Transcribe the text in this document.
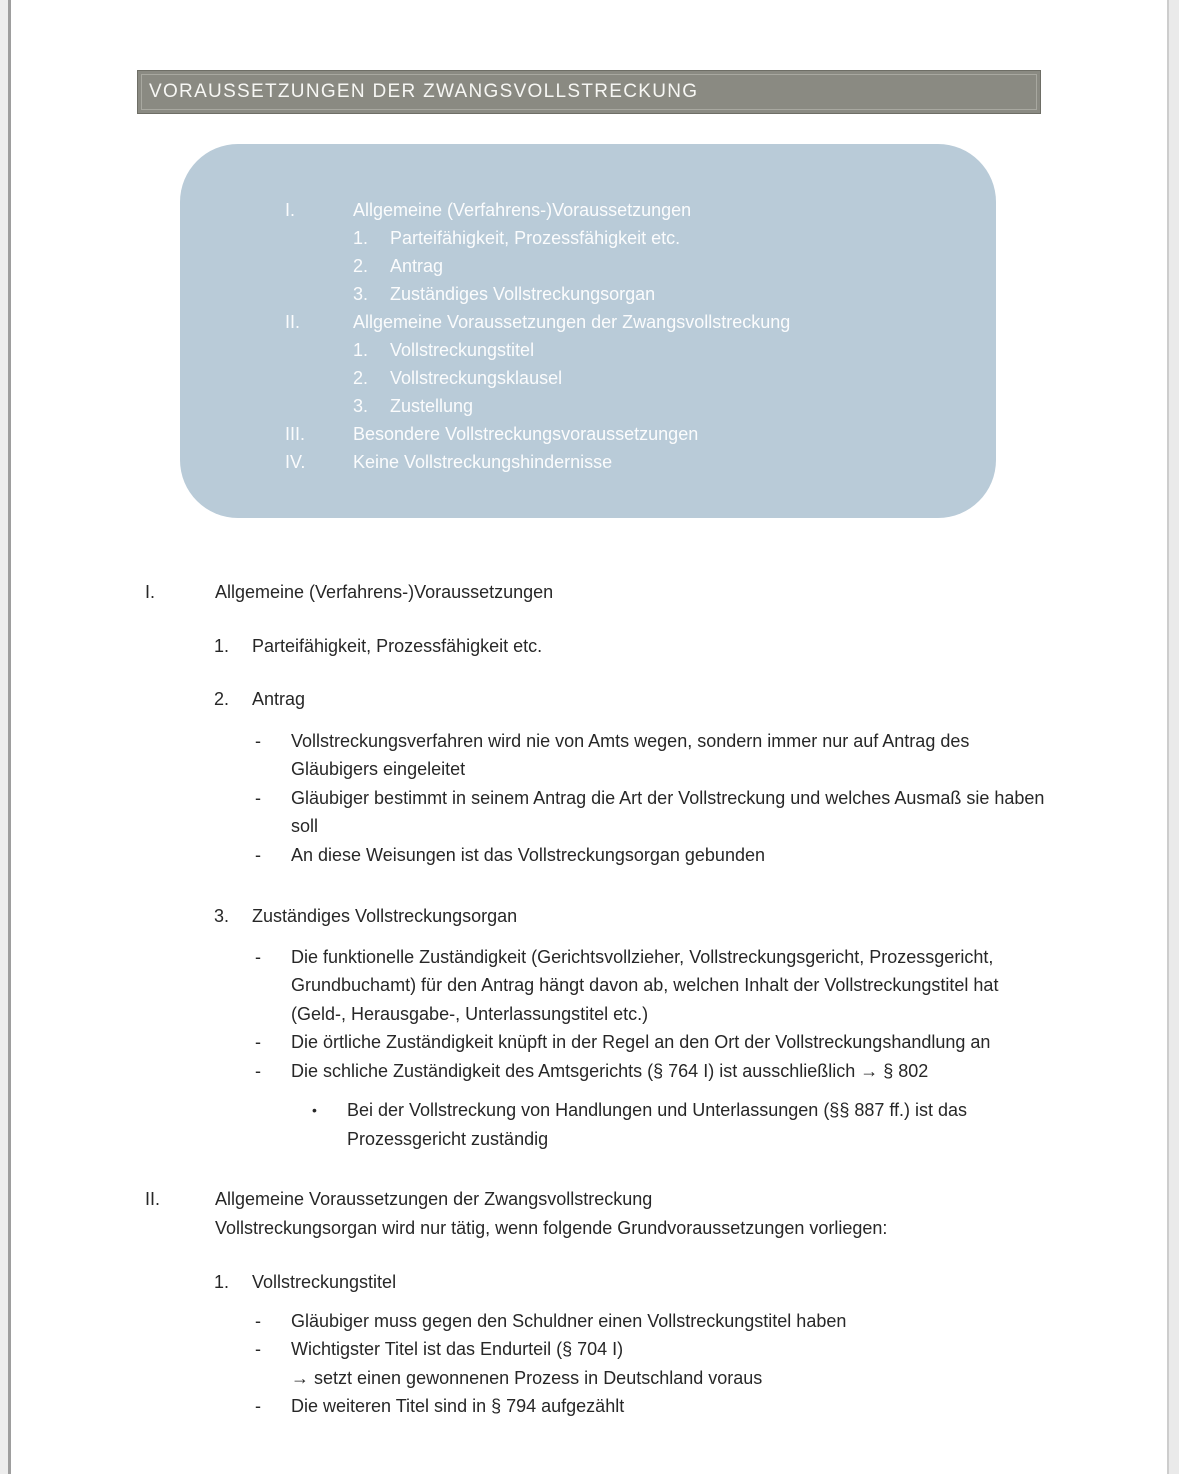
VORAUSSETZUNGEN DER ZWANGSVOLLSTRECKUNG
I.	Allgemeine (Verfahrens-)Voraussetzungen
1.	Parteifähigkeit, Prozessfähigkeit etc.
2.	Antrag
3.	Zuständiges Vollstreckungsorgan
II.	Allgemeine Voraussetzungen der Zwangsvollstreckung
1.	Vollstreckungstitel
2.	Vollstreckungsklausel
3.	Zustellung
III.	Besondere Vollstreckungsvoraussetzungen
IV.	Keine Vollstreckungshindernisse
I.	Allgemeine (Verfahrens-)Voraussetzungen
1.	Parteifähigkeit, Prozessfähigkeit etc.
2.	Antrag
-	Vollstreckungsverfahren wird nie von Amts wegen, sondern immer nur auf Antrag des Gläubigers eingeleitet
-	Gläubiger bestimmt in seinem Antrag die Art der Vollstreckung und welches Ausmaß sie haben soll
-	An diese Weisungen ist das Vollstreckungsorgan gebunden
3.	Zuständiges Vollstreckungsorgan
-	Die funktionelle Zuständigkeit (Gerichtsvollzieher, Vollstreckungsgericht, Prozessgericht, Grundbuchamt) für den Antrag hängt davon ab, welchen Inhalt der Vollstreckungstitel hat (Geld-, Herausgabe-, Unterlassungstitel etc.)
-	Die örtliche Zuständigkeit knüpft in der Regel an den Ort der Vollstreckungshandlung an
-	Die schliche Zuständigkeit des Amtsgerichts (§ 764 I) ist ausschließlich → § 802
•	Bei der Vollstreckung von Handlungen und Unterlassungen (§§ 887 ff.) ist das Prozessgericht zuständig
II.	Allgemeine Voraussetzungen der Zwangsvollstreckung
Vollstreckungsorgan wird nur tätig, wenn folgende Grundvoraussetzungen vorliegen:
1.	Vollstreckungstitel
-	Gläubiger muss gegen den Schuldner einen Vollstreckungstitel haben
-	Wichtigster Titel ist das Endurteil (§ 704 I)
→ setzt einen gewonnenen Prozess in Deutschland voraus
-	Die weiteren Titel sind in § 794 aufgezählt
